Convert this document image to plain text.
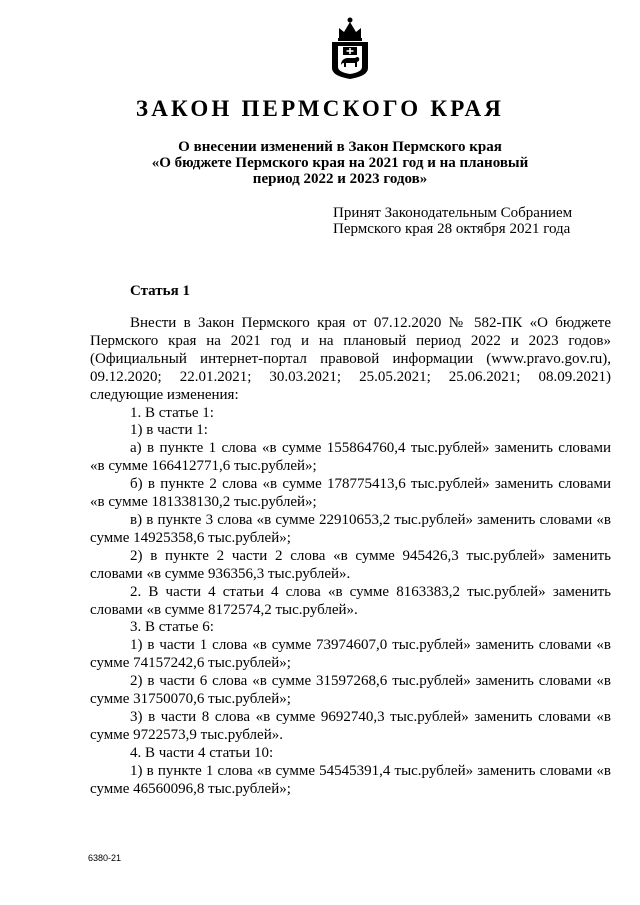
ЗАКОН ПЕРМСКОГО КРАЯ
О внесении изменений в Закон Пермского края
«О бюджете Пермского края на 2021 год и на плановый
период 2022 и 2023 годов»
Принят Законодательным Собранием
Пермского края 28 октября 2021 года
Статья 1

Внести в Закон Пермского края от 07.12.2020 № 582-ПК «О бюджете Пермского края на 2021 год и на плановый период 2022 и 2023 годов» (Официальный интернет-портал правовой информации (www.pravo.gov.ru), 09.12.2020; 22.01.2021; 30.03.2021; 25.05.2021; 25.06.2021; 08.09.2021) следующие изменения:

1. В статье 1:

1) в части 1:

а) в пункте 1 слова «в сумме 155864760,4 тыс.рублей» заменить словами «в сумме 166412771,6 тыс.рублей»;

б) в пункте 2 слова «в сумме 178775413,6 тыс.рублей» заменить словами «в сумме 181338130,2 тыс.рублей»;

в) в пункте 3 слова «в сумме 22910653,2 тыс.рублей» заменить словами «в сумме 14925358,6 тыс.рублей»;

2) в пункте 2 части 2 слова «в сумме 945426,3 тыс.рублей» заменить словами «в сумме 936356,3 тыс.рублей».

2. В части 4 статьи 4 слова «в сумме 8163383,2 тыс.рублей» заменить словами «в сумме 8172574,2 тыс.рублей».

3. В статье 6:

1) в части 1 слова «в сумме 73974607,0 тыс.рублей» заменить словами «в сумме 74157242,6 тыс.рублей»;

2) в части 6 слова «в сумме 31597268,6 тыс.рублей» заменить словами «в сумме 31750070,6 тыс.рублей»;

3) в части 8 слова «в сумме 9692740,3 тыс.рублей» заменить словами «в сумме 9722573,9 тыс.рублей».

4. В части 4 статьи 10:

1) в пункте 1 слова «в сумме 54545391,4 тыс.рублей» заменить словами «в сумме 46560096,8 тыс.рублей»;

6380-21
